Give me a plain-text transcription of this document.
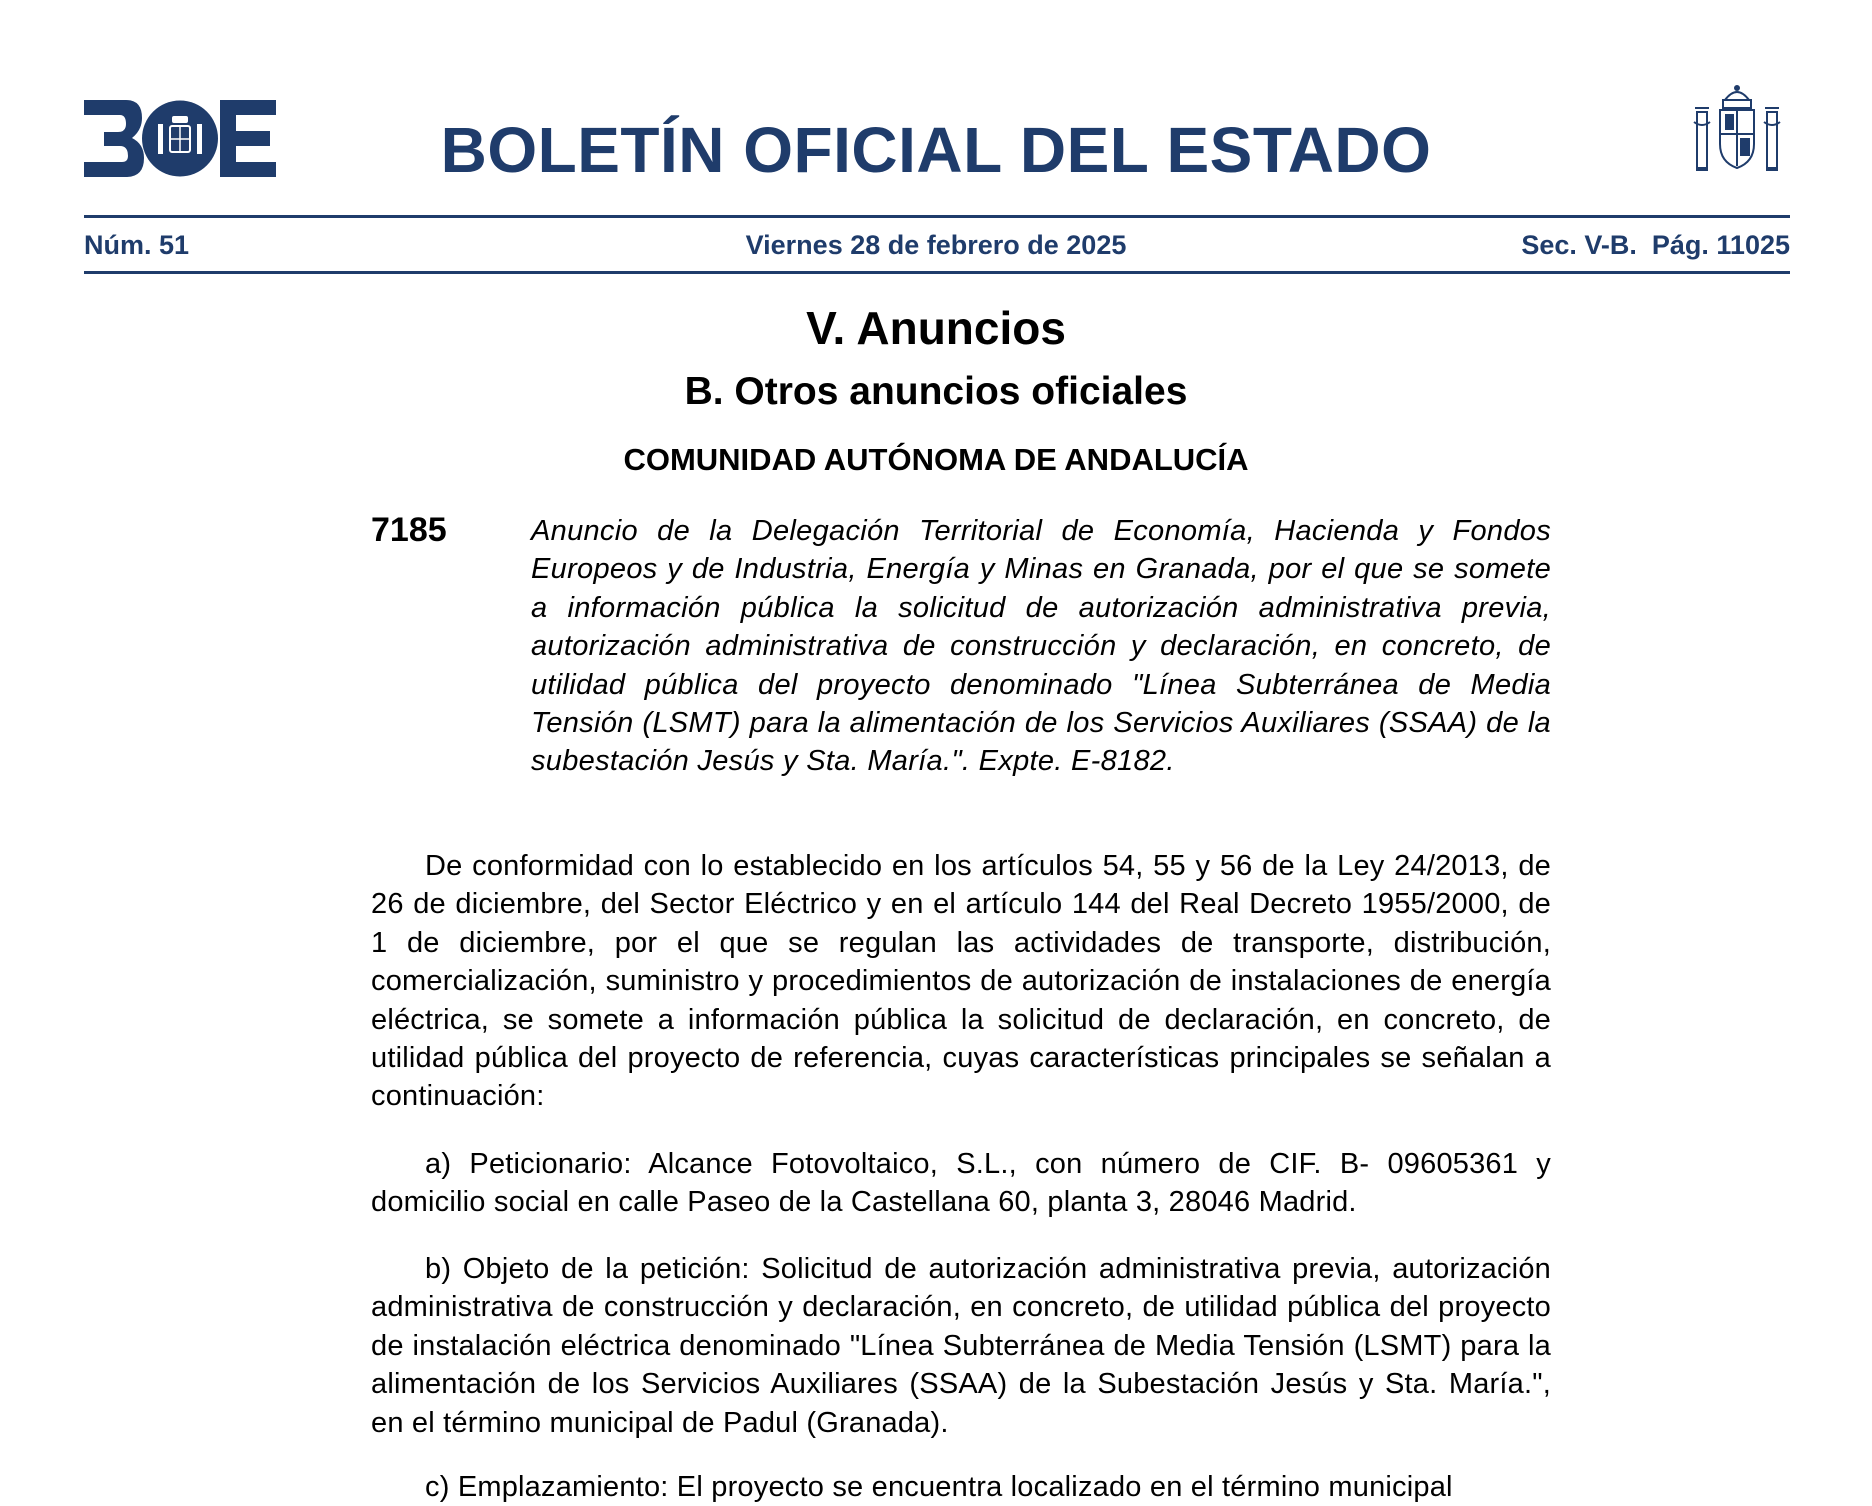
BOLETÍN OFICIAL DEL ESTADO
Núm. 51	Viernes 28 de febrero de 2025	Sec. V-B.  Pág. 11025
V. Anuncios
B. Otros anuncios oficiales
COMUNIDAD AUTÓNOMA DE ANDALUCÍA
7185	Anuncio de la Delegación Territorial de Economía, Hacienda y Fondos Europeos y de Industria, Energía y Minas en Granada, por el que se somete a información pública la solicitud de autorización administrativa previa, autorización administrativa de construcción y declaración, en concreto, de utilidad pública del proyecto denominado "Línea Subterránea de Media Tensión (LSMT) para la alimentación de los Servicios Auxiliares (SSAA) de la subestación Jesús y Sta. María.". Expte. E-8182.

De conformidad con lo establecido en los artículos 54, 55 y 56 de la Ley 24/2013, de 26 de diciembre, del Sector Eléctrico y en el artículo 144 del Real Decreto 1955/2000, de 1 de diciembre, por el que se regulan las actividades de transporte, distribución, comercialización, suministro y procedimientos de autorización de instalaciones de energía eléctrica, se somete a información pública la solicitud de declaración, en concreto, de utilidad pública del proyecto de referencia, cuyas características principales se señalan a continuación:

a) Peticionario: Alcance Fotovoltaico, S.L., con número de CIF. B- 09605361 y domicilio social en calle Paseo de la Castellana 60, planta 3, 28046 Madrid.

b) Objeto de la petición: Solicitud de autorización administrativa previa, autorización administrativa de construcción y declaración, en concreto, de utilidad pública del proyecto de instalación eléctrica denominado "Línea Subterránea de Media Tensión (LSMT) para la alimentación de los Servicios Auxiliares (SSAA) de la Subestación Jesús y Sta. María.", en el término municipal de Padul (Granada).

c) Emplazamiento: El proyecto se encuentra localizado en el término municipal
